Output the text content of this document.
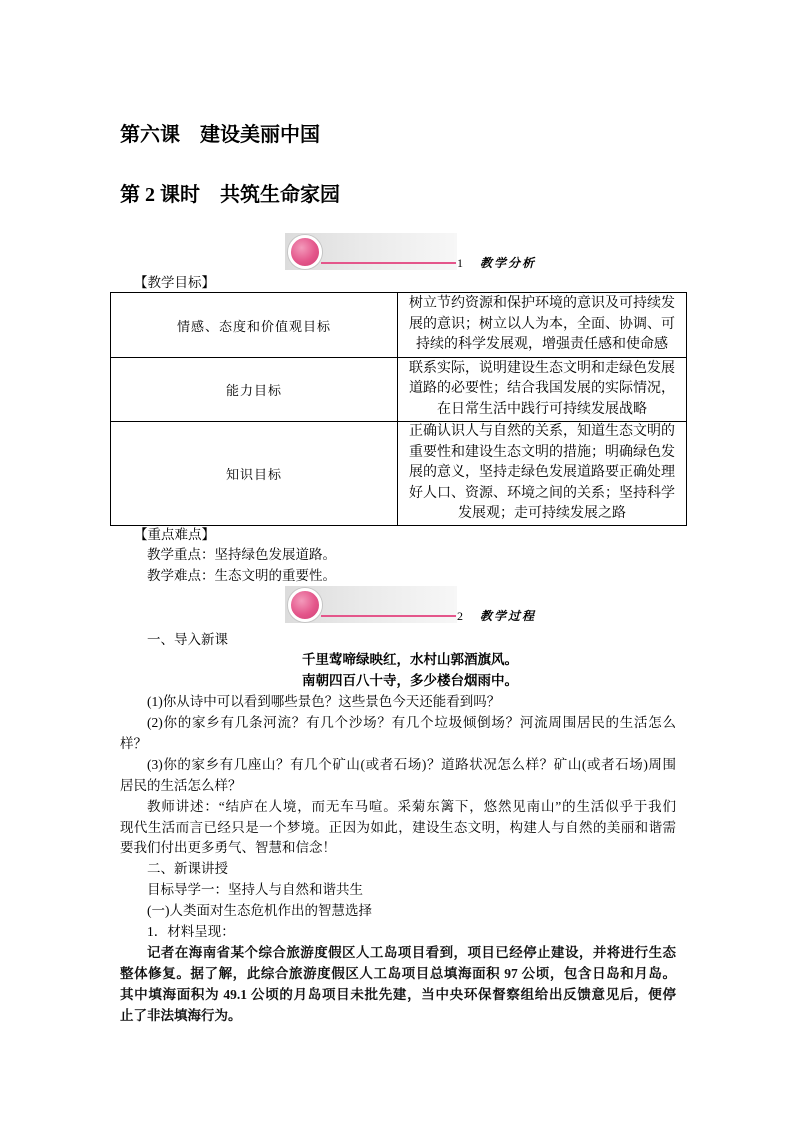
第六课　建设美丽中国
第 2 课时　共筑生命家园
1 教学分析
【教学目标】
情感、态度和价值观目标	树立节约资源和保护环境的意识及可持续发展的意识；树立以人为本，全面、协调、可持续的科学发展观，增强责任感和使命感
能力目标	联系实际，说明建设生态文明和走绿色发展道路的必要性；结合我国发展的实际情况，在日常生活中践行可持续发展战略
知识目标	正确认识人与自然的关系，知道生态文明的重要性和建设生态文明的措施；明确绿色发展的意义，坚持走绿色发展道路要正确处理好人口、资源、环境之间的关系；坚持科学发展观；走可持续发展之路
【重点难点】
教学重点：坚持绿色发展道路。
教学难点：生态文明的重要性。
2 教学过程
一、导入新课
千里莺啼绿映红，水村山郭酒旗风。
南朝四百八十寺，多少楼台烟雨中。
(1)你从诗中可以看到哪些景色？这些景色今天还能看到吗？
(2)你的家乡有几条河流？有几个沙场？有几个垃圾倾倒场？河流周围居民的生活怎么
样？
(3)你的家乡有几座山？有几个矿山(或者石场)？道路状况怎么样？矿山(或者石场)周围
居民的生活怎么样？
教师讲述：“结庐在人境，而无车马喧。采菊东篱下，悠然见南山”的生活似乎于我们
现代生活而言已经只是一个梦境。正因为如此，建设生态文明，构建人与自然的美丽和谐需
要我们付出更多勇气、智慧和信念！
二、新课讲授
目标导学一：坚持人与自然和谐共生
(一)人类面对生态危机作出的智慧选择
1．材料呈现：
记者在海南省某个综合旅游度假区人工岛项目看到，项目已经停止建设，并将进行生态
整体修复。据了解，此综合旅游度假区人工岛项目总填海面积 97 公顷，包含日岛和月岛。
其中填海面积为 49.1 公顷的月岛项目未批先建，当中央环保督察组给出反馈意见后，便停
止了非法填海行为。
